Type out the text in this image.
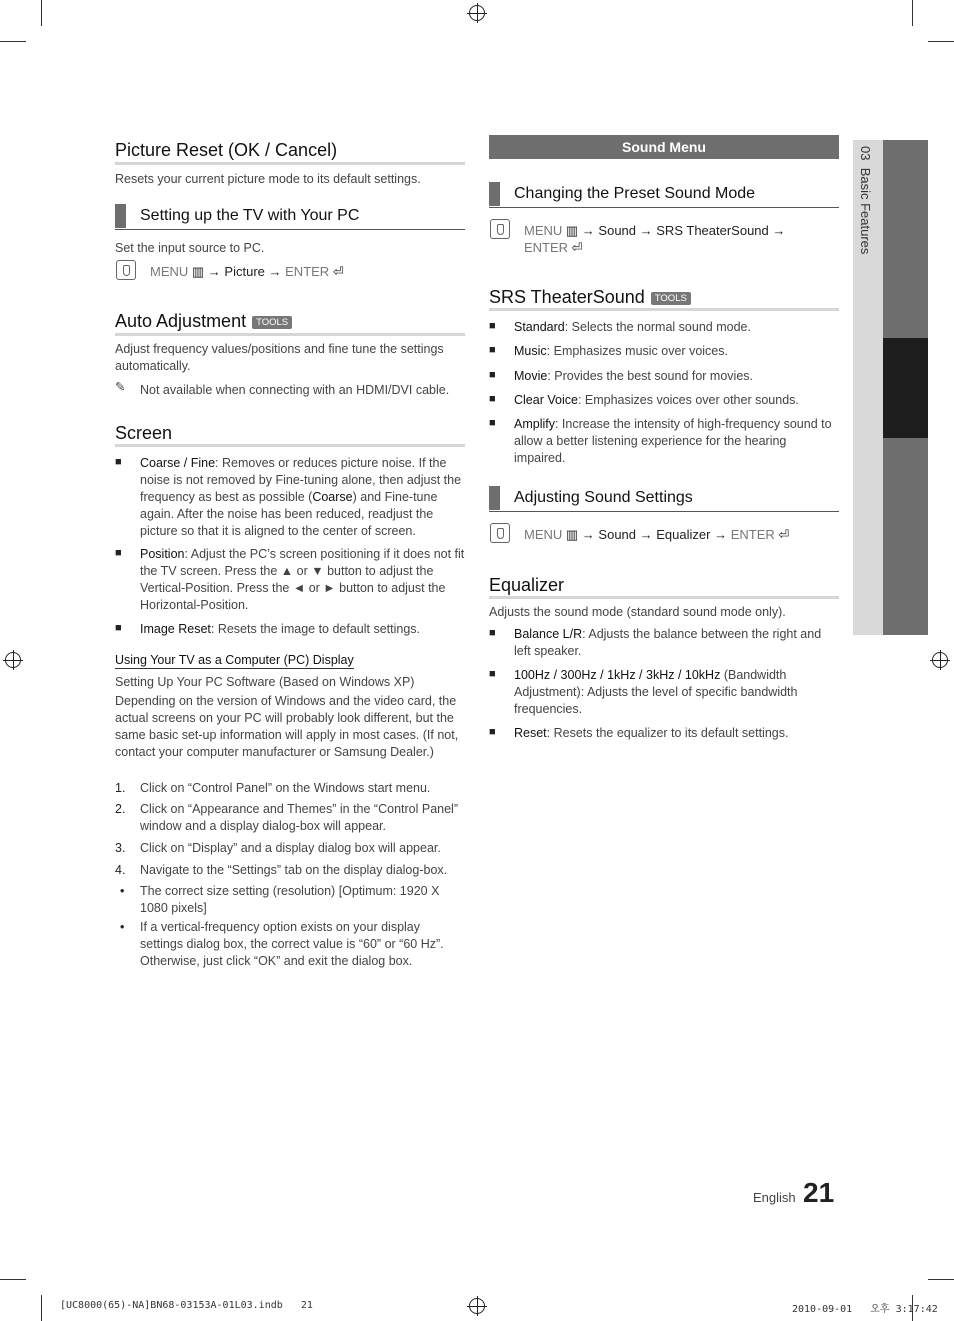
Picture Reset (OK / Cancel)
Resets your current picture mode to its default settings.
Setting up the TV with Your PC
Set the input source to PC.
MENU ▥ → Picture → ENTER ⏎
Auto Adjustment TOOLS
Adjust frequency values/positions and fine tune the settings automatically.
✎ Not available when connecting with an HDMI/DVI cable.
Screen
■ Coarse / Fine: Removes or reduces picture noise. If the noise is not removed by Fine-tuning alone, then adjust the frequency as best as possible (Coarse) and Fine-tune again. After the noise has been reduced, readjust the picture so that it is aligned to the center of screen.
■ Position: Adjust the PC’s screen positioning if it does not fit the TV screen. Press the ▲ or ▼ button to adjust the Vertical-Position. Press the ◄ or ► button to adjust the Horizontal-Position.
■ Image Reset: Resets the image to default settings.
Using Your TV as a Computer (PC) Display
Setting Up Your PC Software (Based on Windows XP)
Depending on the version of Windows and the video card, the actual screens on your PC will probably look different, but the same basic set-up information will apply in most cases. (If not, contact your computer manufacturer or Samsung Dealer.)
1. Click on “Control Panel” on the Windows start menu.
2. Click on “Appearance and Themes” in the “Control Panel” window and a display dialog-box will appear.
3. Click on “Display” and a display dialog box will appear.
4. Navigate to the “Settings” tab on the display dialog-box.
• The correct size setting (resolution) [Optimum: 1920 X 1080 pixels]
• If a vertical-frequency option exists on your display settings dialog box, the correct value is “60” or “60 Hz”. Otherwise, just click “OK” and exit the dialog box.
Sound Menu
Changing the Preset Sound Mode
MENU ▥ → Sound → SRS TheaterSound →
ENTER ⏎
SRS TheaterSound TOOLS
■ Standard: Selects the normal sound mode.
■ Music: Emphasizes music over voices.
■ Movie: Provides the best sound for movies.
■ Clear Voice: Emphasizes voices over other sounds.
■ Amplify: Increase the intensity of high-frequency sound to allow a better listening experience for the hearing impaired.
Adjusting Sound Settings
MENU ▥ → Sound → Equalizer → ENTER ⏎
Equalizer
Adjusts the sound mode (standard sound mode only).
■ Balance L/R: Adjusts the balance between the right and left speaker.
■ 100Hz / 300Hz / 1kHz / 3kHz / 10kHz (Bandwidth Adjustment): Adjusts the level of specific bandwidth frequencies.
■ Reset: Resets the equalizer to its default settings.
03  Basic Features
English 21
[UC8000(65)-NA]BN68-03153A-01L03.indb   21	2010-09-01   오후 3:17:42
